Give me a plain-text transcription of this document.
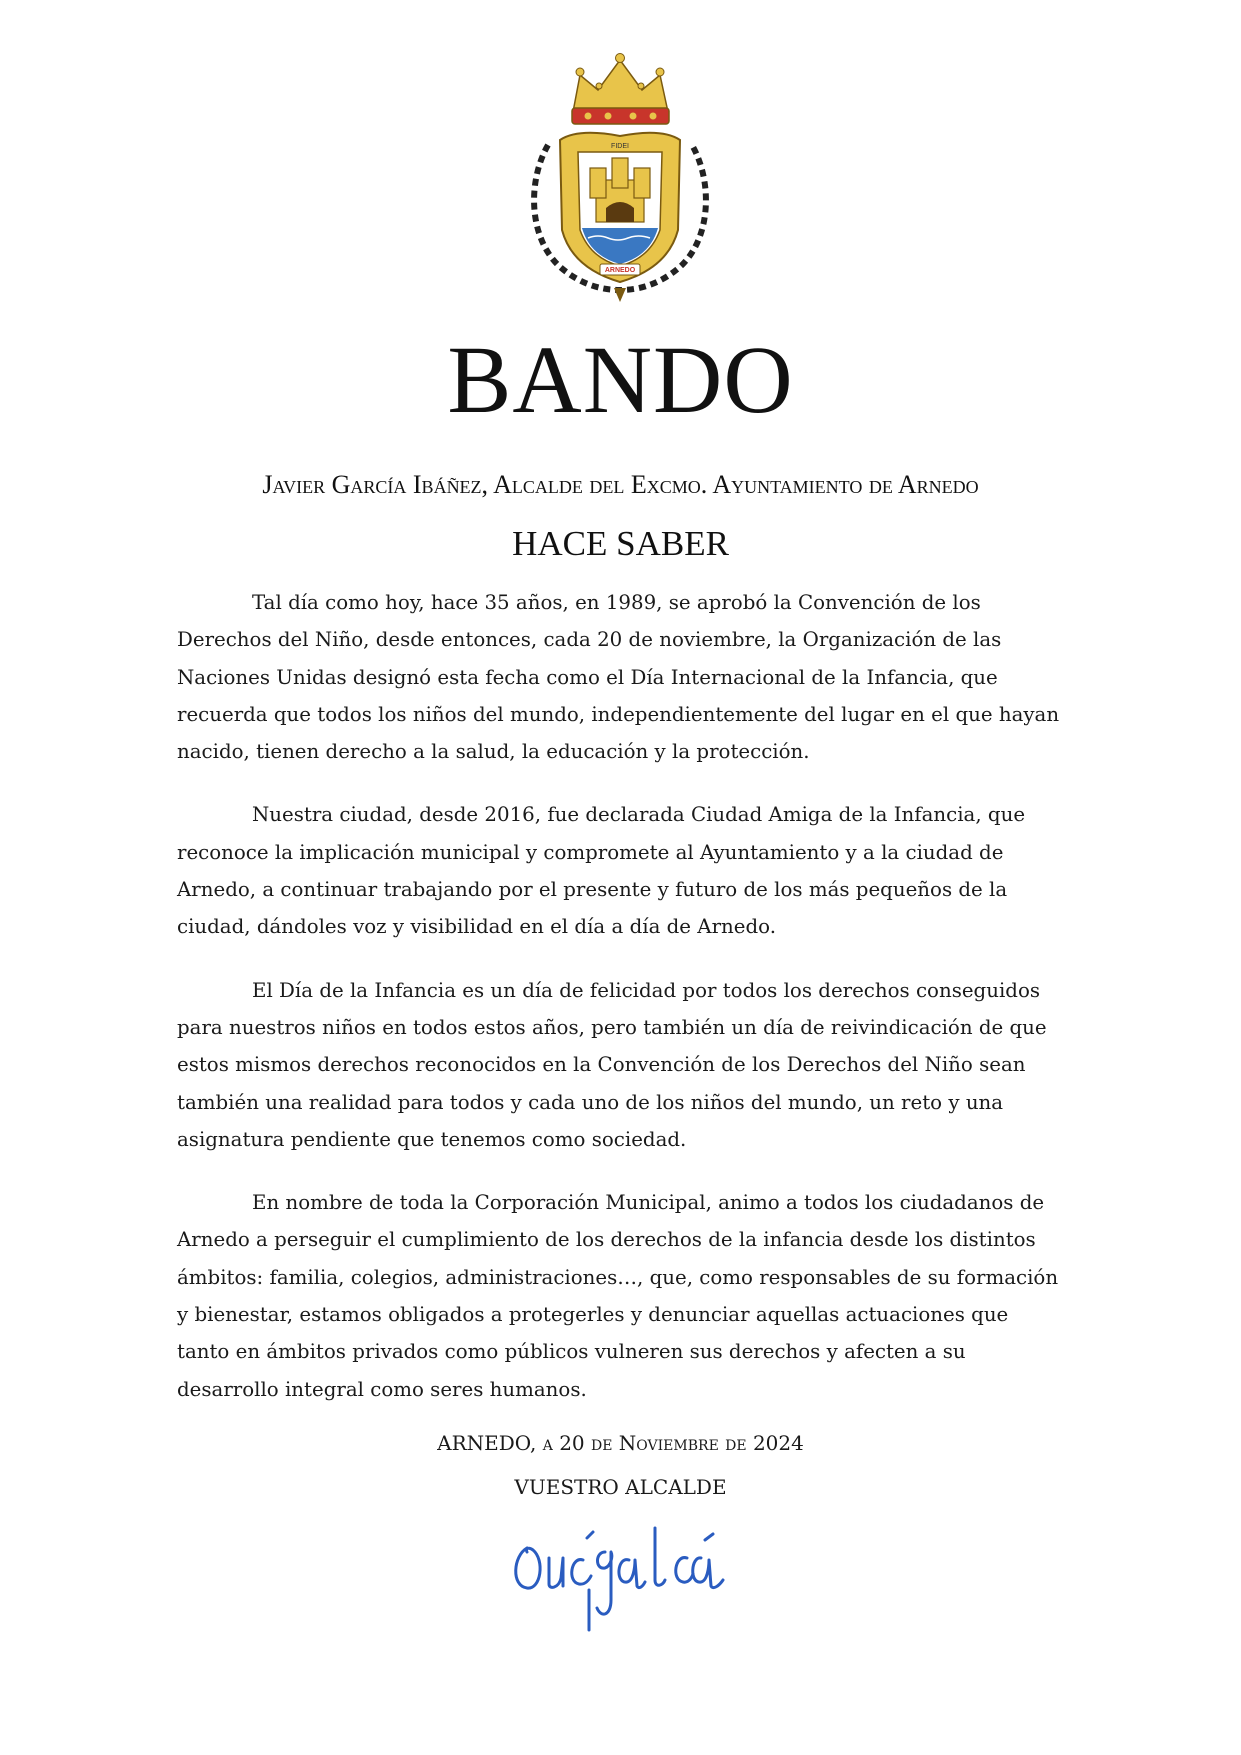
FIDEI
ARNEDO
BANDO
Javier García Ibáñez, Alcalde del Excmo. Ayuntamiento de Arnedo
HACE SABER

Tal día como hoy, hace 35 años, en 1989, se aprobó la Convención de los Derechos del Niño, desde entonces, cada 20 de noviembre, la Organización de las Naciones Unidas designó esta fecha como el Día Internacional de la Infancia, que recuerda que todos los niños del mundo, independientemente del lugar en el que hayan nacido, tienen derecho a la salud, la educación y la protección.

Nuestra ciudad, desde 2016, fue declarada Ciudad Amiga de la Infancia, que reconoce la implicación municipal y compromete al Ayuntamiento y a la ciudad de Arnedo, a continuar trabajando por el presente y futuro de los más pequeños de la ciudad, dándoles voz y visibilidad en el día a día de Arnedo.

El Día de la Infancia es un día de felicidad por todos los derechos conseguidos para nuestros niños en todos estos años, pero también un día de reivindicación de que estos mismos derechos reconocidos en la Convención de los Derechos del Niño sean también una realidad para todos y cada uno de los niños del mundo, un reto y una asignatura pendiente que tenemos como sociedad.

En nombre de toda la Corporación Municipal, animo a todos los ciudadanos de Arnedo a perseguir el cumplimiento de los derechos de la infancia desde los distintos ámbitos: familia, colegios, administraciones…, que, como responsables de su formación y bienestar, estamos obligados a protegerles y denunciar aquellas actuaciones que tanto en ámbitos privados como públicos vulneren sus derechos y afecten a su desarrollo integral como seres humanos.

ARNEDO, a 20 de Noviembre de 2024
VUESTRO ALCALDE
